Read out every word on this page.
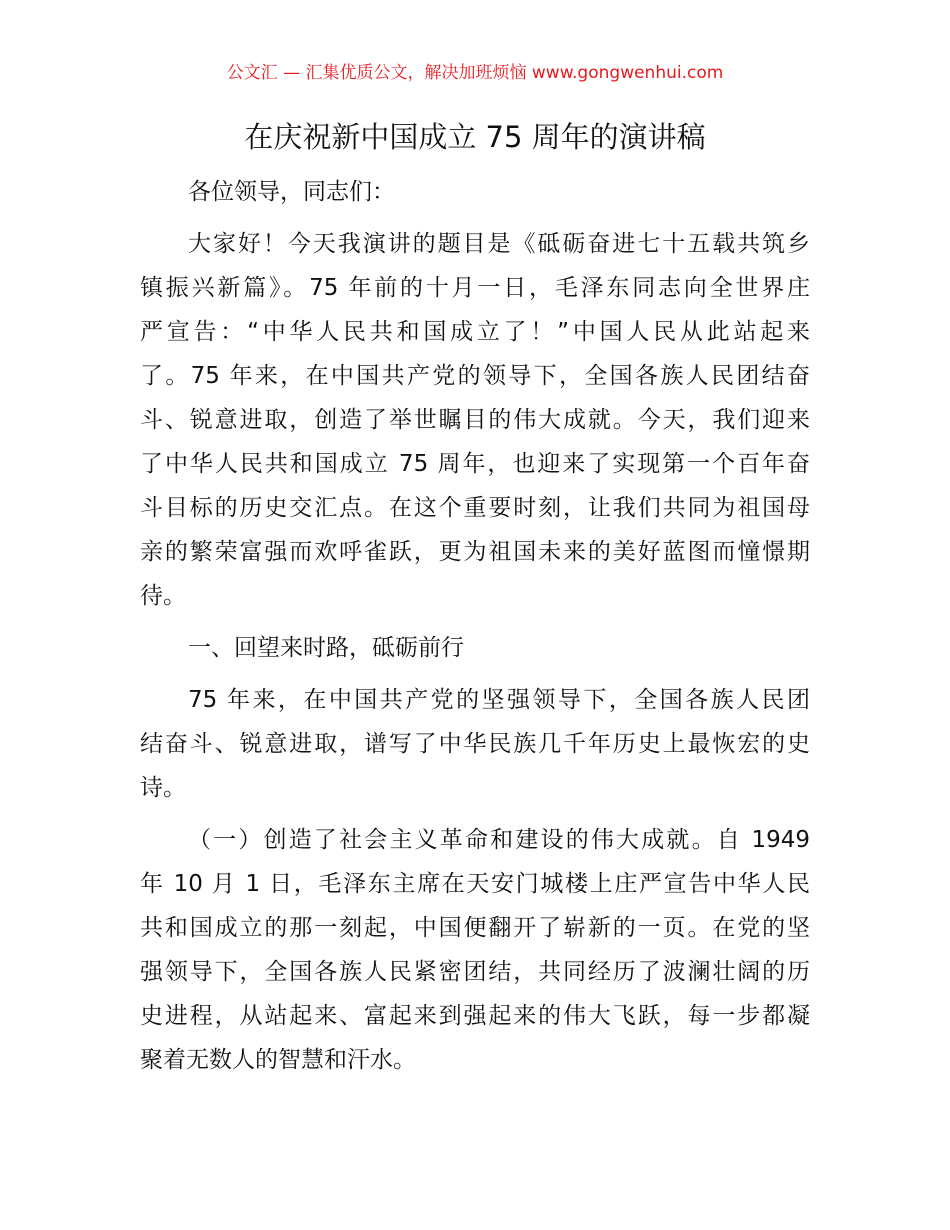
公文汇 — 汇集优质公文，解决加班烦恼 www.gongwenhui.com
在庆祝新中国成立 75 周年的演讲稿
各位领导，同志们：
大家好！今天我演讲的题目是《砥砺奋进七十五载共筑乡
镇振兴新篇》。75 年前的十月一日，毛泽东同志向全世界庄
严宣告：“中华人民共和国成立了！”中国人民从此站起来
了。75 年来，在中国共产党的领导下，全国各族人民团结奋
斗、锐意进取，创造了举世瞩目的伟大成就。今天，我们迎来
了中华人民共和国成立 75 周年，也迎来了实现第一个百年奋
斗目标的历史交汇点。在这个重要时刻，让我们共同为祖国母
亲的繁荣富强而欢呼雀跃，更为祖国未来的美好蓝图而憧憬期
待。
一、回望来时路，砥砺前行
75 年来，在中国共产党的坚强领导下，全国各族人民团
结奋斗、锐意进取，谱写了中华民族几千年历史上最恢宏的史
诗。
（一）创造了社会主义革命和建设的伟大成就。自 1949
年 10 月 1 日，毛泽东主席在天安门城楼上庄严宣告中华人民
共和国成立的那一刻起，中国便翻开了崭新的一页。在党的坚
强领导下，全国各族人民紧密团结，共同经历了波澜壮阔的历
史进程，从站起来、富起来到强起来的伟大飞跃，每一步都凝
聚着无数人的智慧和汗水。
